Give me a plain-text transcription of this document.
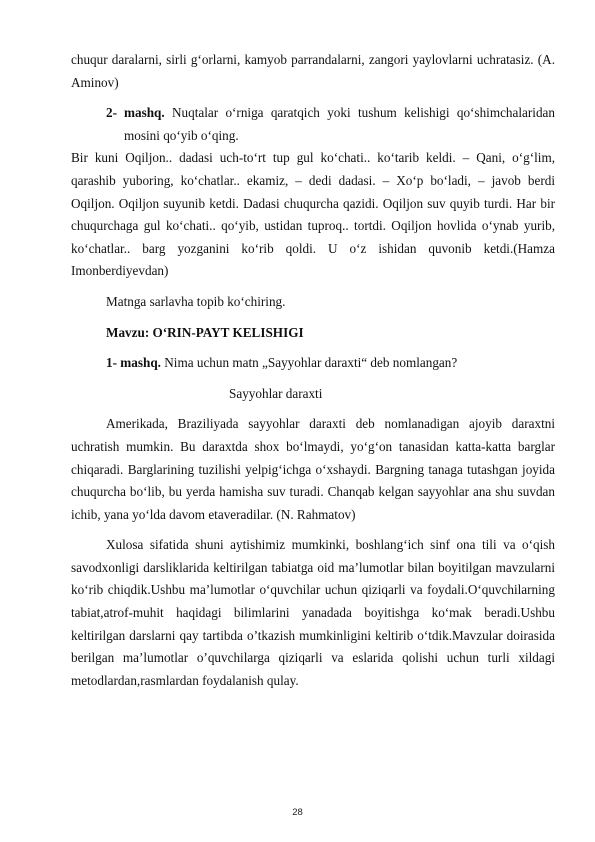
chuqur daralarni, sirli g‘orlarni, kamyob parrandalarni, zangori yaylovlarni uchratasiz. (A. Aminov)

2- mashq. Nuqtalar o‘rniga qaratqich yoki tushum kelishigi qo‘shimchalaridan mosini qo‘yib o‘qing.

Bir kuni Oqiljon.. dadasi uch-to‘rt tup gul ko‘chati.. ko‘tarib keldi. – Qani, o‘g‘lim, qarashib yuboring, ko‘chatlar.. ekamiz, – dedi dadasi. – Xo‘p bo‘ladi, – javob berdi Oqiljon. Oqiljon suyunib ketdi. Dadasi chuqurcha qazidi. Oqiljon suv quyib turdi. Har bir chuqurchaga gul ko‘chati.. qo‘yib, ustidan tuproq.. tortdi. Oqiljon hovlida o‘ynab yurib, ko‘chatlar.. barg yozganini ko‘rib qoldi. U o‘z ishidan quvonib ketdi.(Hamza Imonberdiyevdan)

Matnga sarlavha topib ko‘chiring.

Mavzu: O‘RIN-PAYT KELISHIGI

1- mashq. Nima uchun matn „Sayyohlar daraxti“ deb nomlangan?

Sayyohlar daraxti

Amerikada, Braziliyada sayyohlar daraxti deb nomlanadigan ajoyib daraxtni uchratish mumkin. Bu daraxtda shox bo‘lmaydi, yo‘g‘on tanasidan katta-katta barglar chiqaradi. Barglarining tuzilishi yelpig‘ichga o‘xshaydi. Bargning tanaga tutashgan joyida chuqurcha bo‘lib, bu yerda hamisha suv turadi. Chanqab kelgan sayyohlar ana shu suvdan ichib, yana yo‘lda davom etaveradilar. (N. Rahmatov)

Xulosa sifatida shuni aytishimiz mumkinki, boshlang‘ich sinf ona tili va o‘qish savodxonligi darsliklarida keltirilgan tabiatga oid ma’lumotlar bilan boyitilgan mavzularni ko‘rib chiqdik.Ushbu ma’lumotlar o‘quvchilar uchun qiziqarli va foydali.O‘quvchilarning tabiat,atrof-muhit haqidagi bilimlarini yanadada boyitishga ko‘mak beradi.Ushbu keltirilgan darslarni qay tartibda o’tkazish mumkinligini keltirib o‘tdik.Mavzular doirasida berilgan ma’lumotlar o’quvchilarga qiziqarli va eslarida qolishi uchun turli xildagi metodlardan,rasmlardan foydalanish qulay.

28
